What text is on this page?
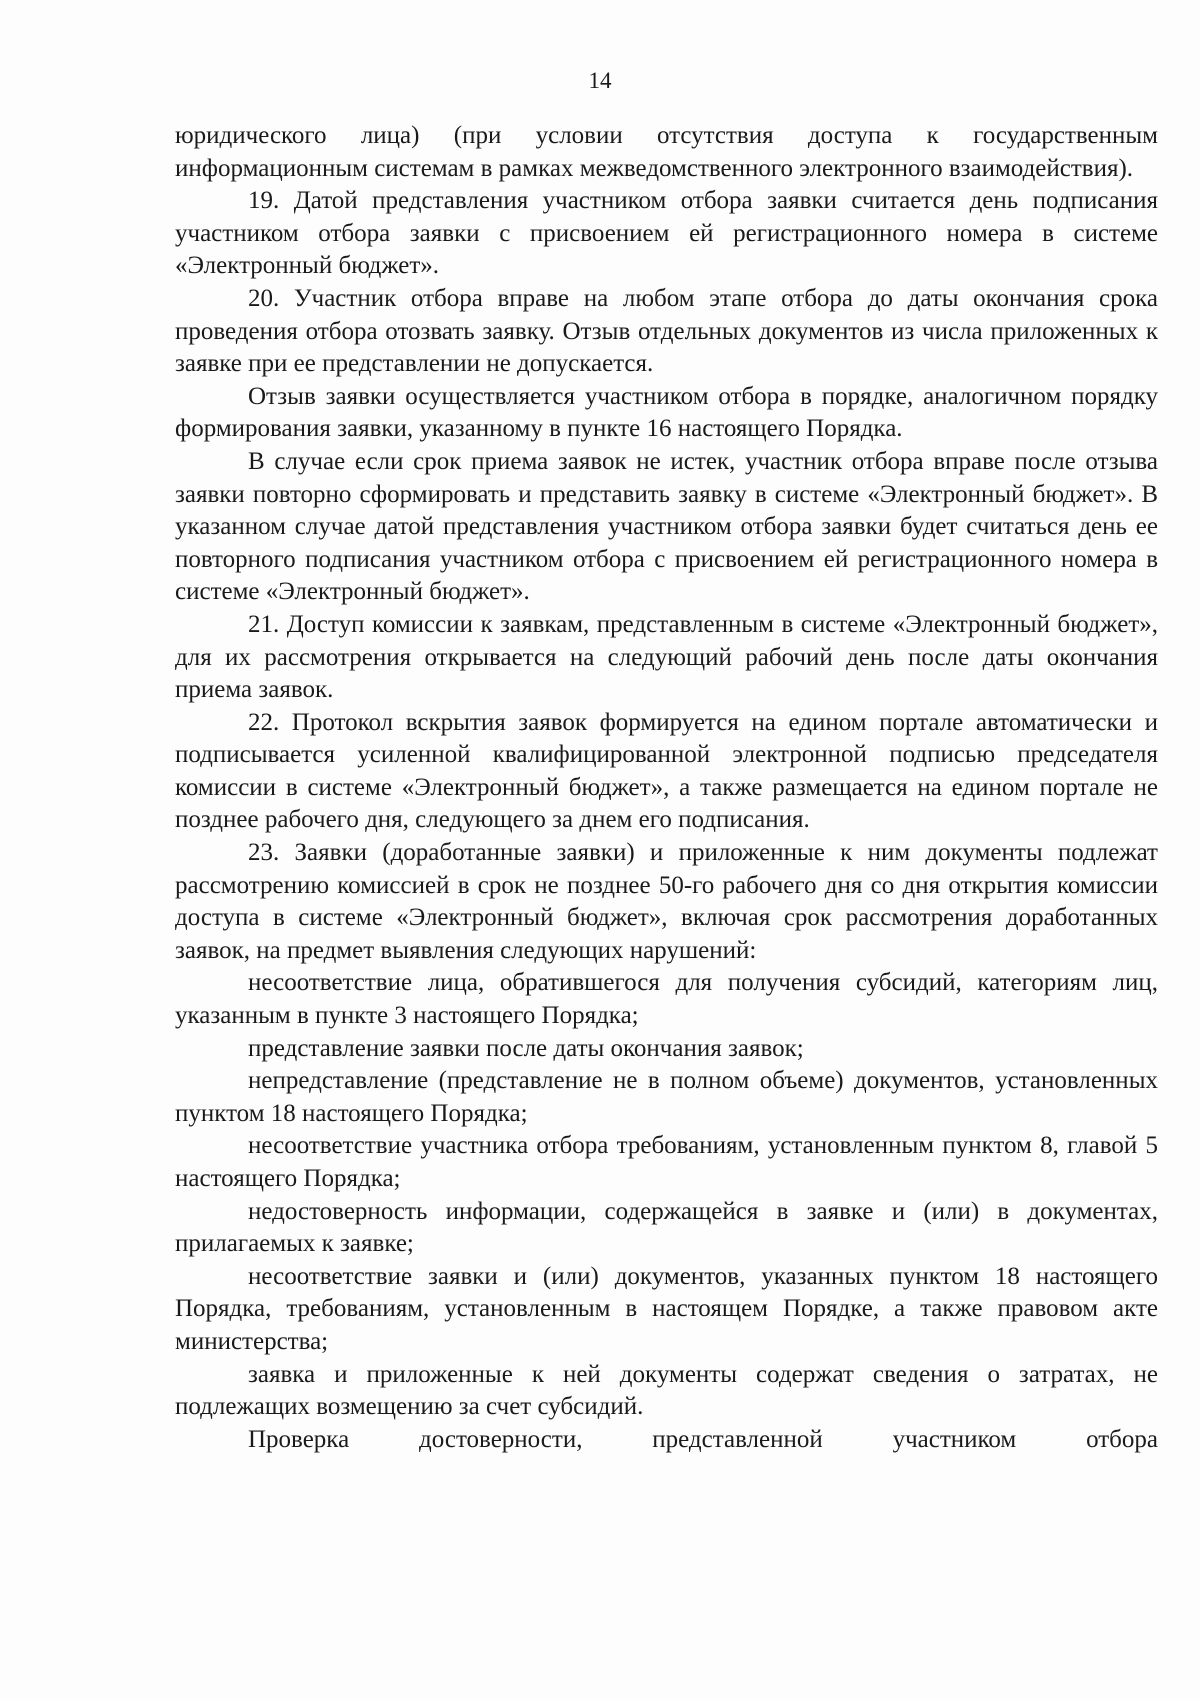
14

юридического лица) (при условии отсутствия доступа к государственным информационным системам в рамках межведомственного электронного взаимодействия).

19. Датой представления участником отбора заявки считается день подписания участником отбора заявки с присвоением ей регистрационного номера в системе «Электронный бюджет».

20. Участник отбора вправе на любом этапе отбора до даты окончания срока проведения отбора отозвать заявку. Отзыв отдельных документов из числа приложенных к заявке при ее представлении не допускается.

Отзыв заявки осуществляется участником отбора в порядке, аналогичном порядку формирования заявки, указанному в пункте 16 настоящего Порядка.

В случае если срок приема заявок не истек, участник отбора вправе после отзыва заявки повторно сформировать и представить заявку в системе «Электронный бюджет». В указанном случае датой представления участником отбора заявки будет считаться день ее повторного подписания участником отбора с присвоением ей регистрационного номера в системе «Электронный бюджет».

21. Доступ комиссии к заявкам, представленным в системе «Электронный бюджет», для их рассмотрения открывается на следующий рабочий день после даты окончания приема заявок.

22. Протокол вскрытия заявок формируется на едином портале автоматически и подписывается усиленной квалифицированной электронной подписью председателя комиссии в системе «Электронный бюджет», а также размещается на едином портале не позднее рабочего дня, следующего за днем его подписания.

23. Заявки (доработанные заявки) и приложенные к ним документы подлежат рассмотрению комиссией в срок не позднее 50-го рабочего дня со дня открытия комиссии доступа в системе «Электронный бюджет», включая срок рассмотрения доработанных заявок, на предмет выявления следующих нарушений:

несоответствие лица, обратившегося для получения субсидий, категориям лиц, указанным в пункте 3 настоящего Порядка;

представление заявки после даты окончания заявок;

непредставление (представление не в полном объеме) документов, установленных пунктом 18 настоящего Порядка;

несоответствие участника отбора требованиям, установленным пунктом 8, главой 5 настоящего Порядка;

недостоверность информации, содержащейся в заявке и (или) в документах, прилагаемых к заявке;

несоответствие заявки и (или) документов, указанных пунктом 18 настоящего Порядка, требованиям, установленным в настоящем Порядке, а также правовом акте министерства;

заявка и приложенные к ней документы содержат сведения о затратах, не подлежащих возмещению за счет субсидий.

Проверка достоверности, представленной участником отбора
